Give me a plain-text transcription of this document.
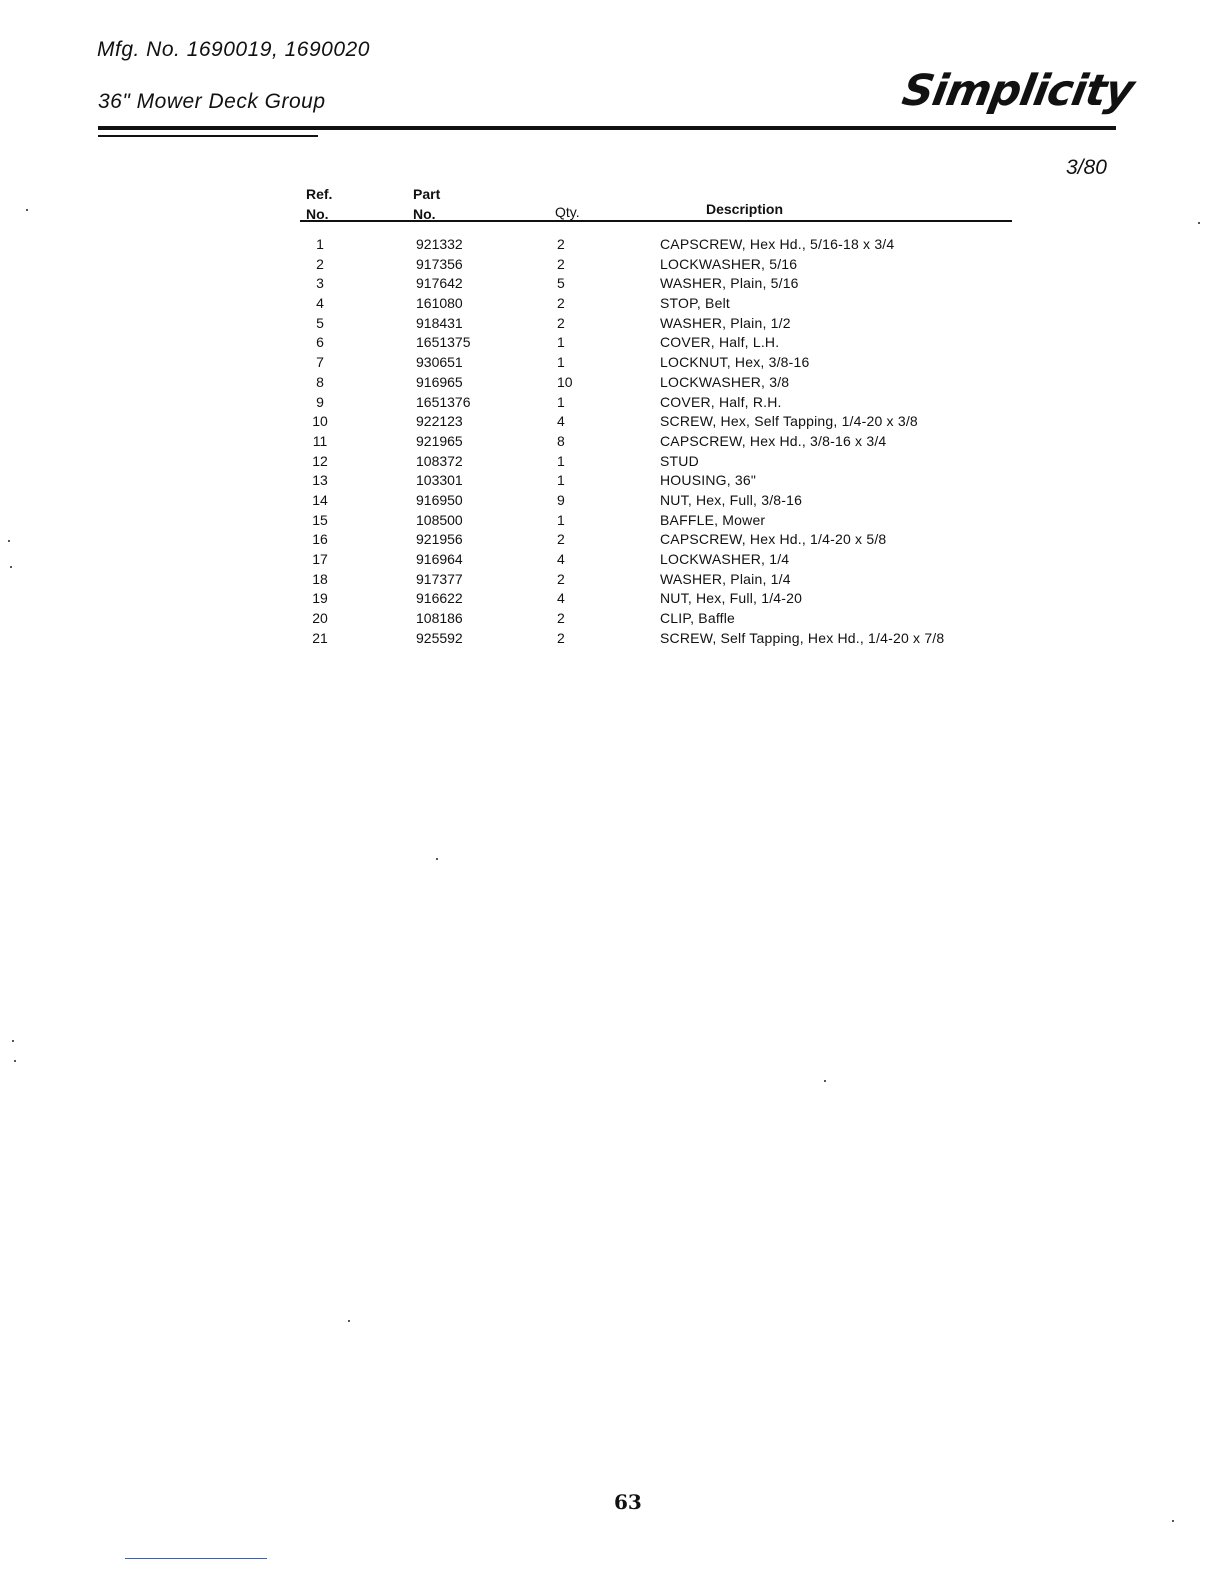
Mfg. No. 1690019, 1690020
36" Mower Deck Group	Simplicity
3/80
Ref.
No.
Part
No.	Qty.	Description
1	921332	2	CAPSCREW, Hex Hd., 5/16-18 x 3/4
2	917356	2	LOCKWASHER, 5/16
3	917642	5	WASHER, Plain, 5/16
4	161080	2	STOP, Belt
5	918431	2	WASHER, Plain, 1/2
6	1651375	1	COVER, Half, L.H.
7	930651	1	LOCKNUT, Hex, 3/8-16
8	916965	10	LOCKWASHER, 3/8
9	1651376	1	COVER, Half, R.H.
10	922123	4	SCREW, Hex, Self Tapping, 1/4-20 x 3/8
11	921965	8	CAPSCREW, Hex Hd., 3/8-16 x 3/4
12	108372	1	STUD
13	103301	1	HOUSING, 36"
14	916950	9	NUT, Hex, Full, 3/8-16
15	108500	1	BAFFLE, Mower
16	921956	2	CAPSCREW, Hex Hd., 1/4-20 x 5/8
17	916964	4	LOCKWASHER, 1/4
18	917377	2	WASHER, Plain, 1/4
19	916622	4	NUT, Hex, Full, 1/4-20
20	108186	2	CLIP, Baffle
21	925592	2	SCREW, Self Tapping, Hex Hd., 1/4-20 x 7/8
63
